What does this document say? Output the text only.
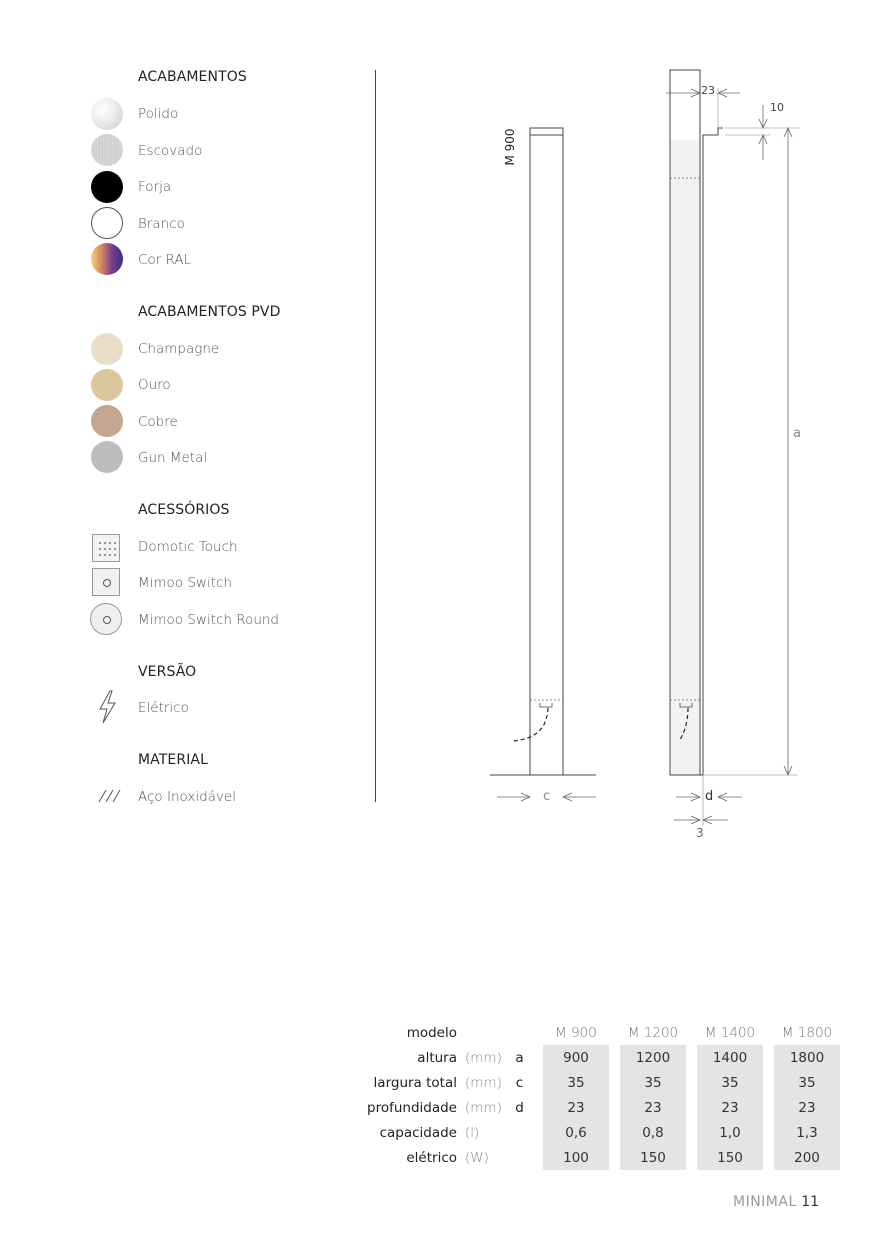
ACABAMENTOS
Polido
Escovado
Forja
Branco
Cor RAL
ACABAMENTOS PVD
Champagne
Ouro
Cobre
Gun Metal
ACESSÓRIOS
Domotic Touch
Mimoo Switch
Mimoo Switch Round
VERSÃO
Elétrico
MATERIAL
Aço Inoxidável
M 900
23
10
a
c	d
3
modelo				M 900		M 1200		M 1400		M 1800
altura	(mm)	a		900		1200		1400		1800
largura total	(mm)	c		35		35		35		35
profundidade	(mm)	d		23		23		23		23
capacidade	(l)			0,6		0,8		1,0		1,3
elétrico	(W)			100		150		150		200
MINIMAL 11
